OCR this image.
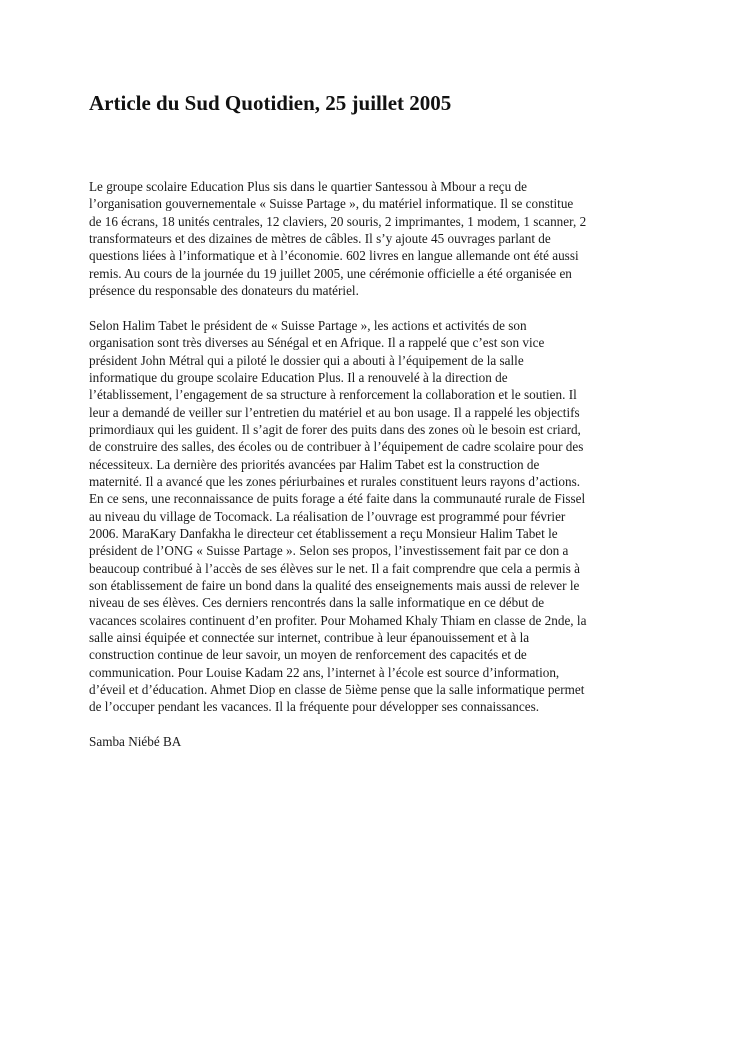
Article du Sud Quotidien, 25 juillet 2005
Le groupe scolaire Education Plus sis dans le quartier Santessou à Mbour a reçu de
l’organisation gouvernementale « Suisse Partage », du matériel informatique. Il se constitue
de 16 écrans, 18 unités centrales, 12 claviers, 20 souris, 2 imprimantes, 1 modem, 1 scanner, 2
transformateurs et des dizaines de mètres de câbles. Il s’y ajoute 45 ouvrages parlant de
questions liées à l’informatique et à l’économie. 602 livres en langue allemande ont été aussi
remis. Au cours de la journée du 19 juillet 2005, une cérémonie officielle a été organisée en
présence du responsable des donateurs du matériel.
Selon Halim Tabet le président de « Suisse Partage », les actions et activités de son
organisation sont très diverses au Sénégal et en Afrique. Il a rappelé que c’est son vice
président John Métral qui a piloté le dossier qui a abouti à l’équipement de la salle
informatique du groupe scolaire Education Plus. Il a renouvelé à la direction de
l’établissement, l’engagement de sa structure à renforcement la collaboration et le soutien. Il
leur a demandé de veiller sur l’entretien du matériel et au bon usage. Il a rappelé les objectifs
primordiaux qui les guident. Il s’agit de forer des puits dans des zones où le besoin est criard,
de construire des salles, des écoles ou de contribuer à l’équipement de cadre scolaire pour des
nécessiteux. La dernière des priorités avancées par Halim Tabet est la construction de
maternité. Il a avancé que les zones périurbaines et rurales constituent leurs rayons d’actions.
En ce sens, une reconnaissance de puits forage a été faite dans la communauté rurale de Fissel
au niveau du village de Tocomack. La réalisation de l’ouvrage est programmé pour février
2006. MaraKary Danfakha le directeur cet établissement a reçu Monsieur Halim Tabet le
président de l’ONG « Suisse Partage ». Selon ses propos, l’investissement fait par ce don a
beaucoup contribué à l’accès de ses élèves sur le net. Il a fait comprendre que cela a permis à
son établissement de faire un bond dans la qualité des enseignements mais aussi de relever le
niveau de ses élèves. Ces derniers rencontrés dans la salle informatique en ce début de
vacances scolaires continuent d’en profiter. Pour Mohamed Khaly Thiam en classe de 2nde, la
salle ainsi équipée et connectée sur internet, contribue à leur épanouissement et à la
construction continue de leur savoir, un moyen de renforcement des capacités et de
communication. Pour Louise Kadam 22 ans, l’internet à l’école est source d’information,
d’éveil et d’éducation. Ahmet Diop en classe de 5ième pense que la salle informatique permet
de l’occuper pendant les vacances. Il la fréquente pour développer ses connaissances.
Samba Niébé BA
